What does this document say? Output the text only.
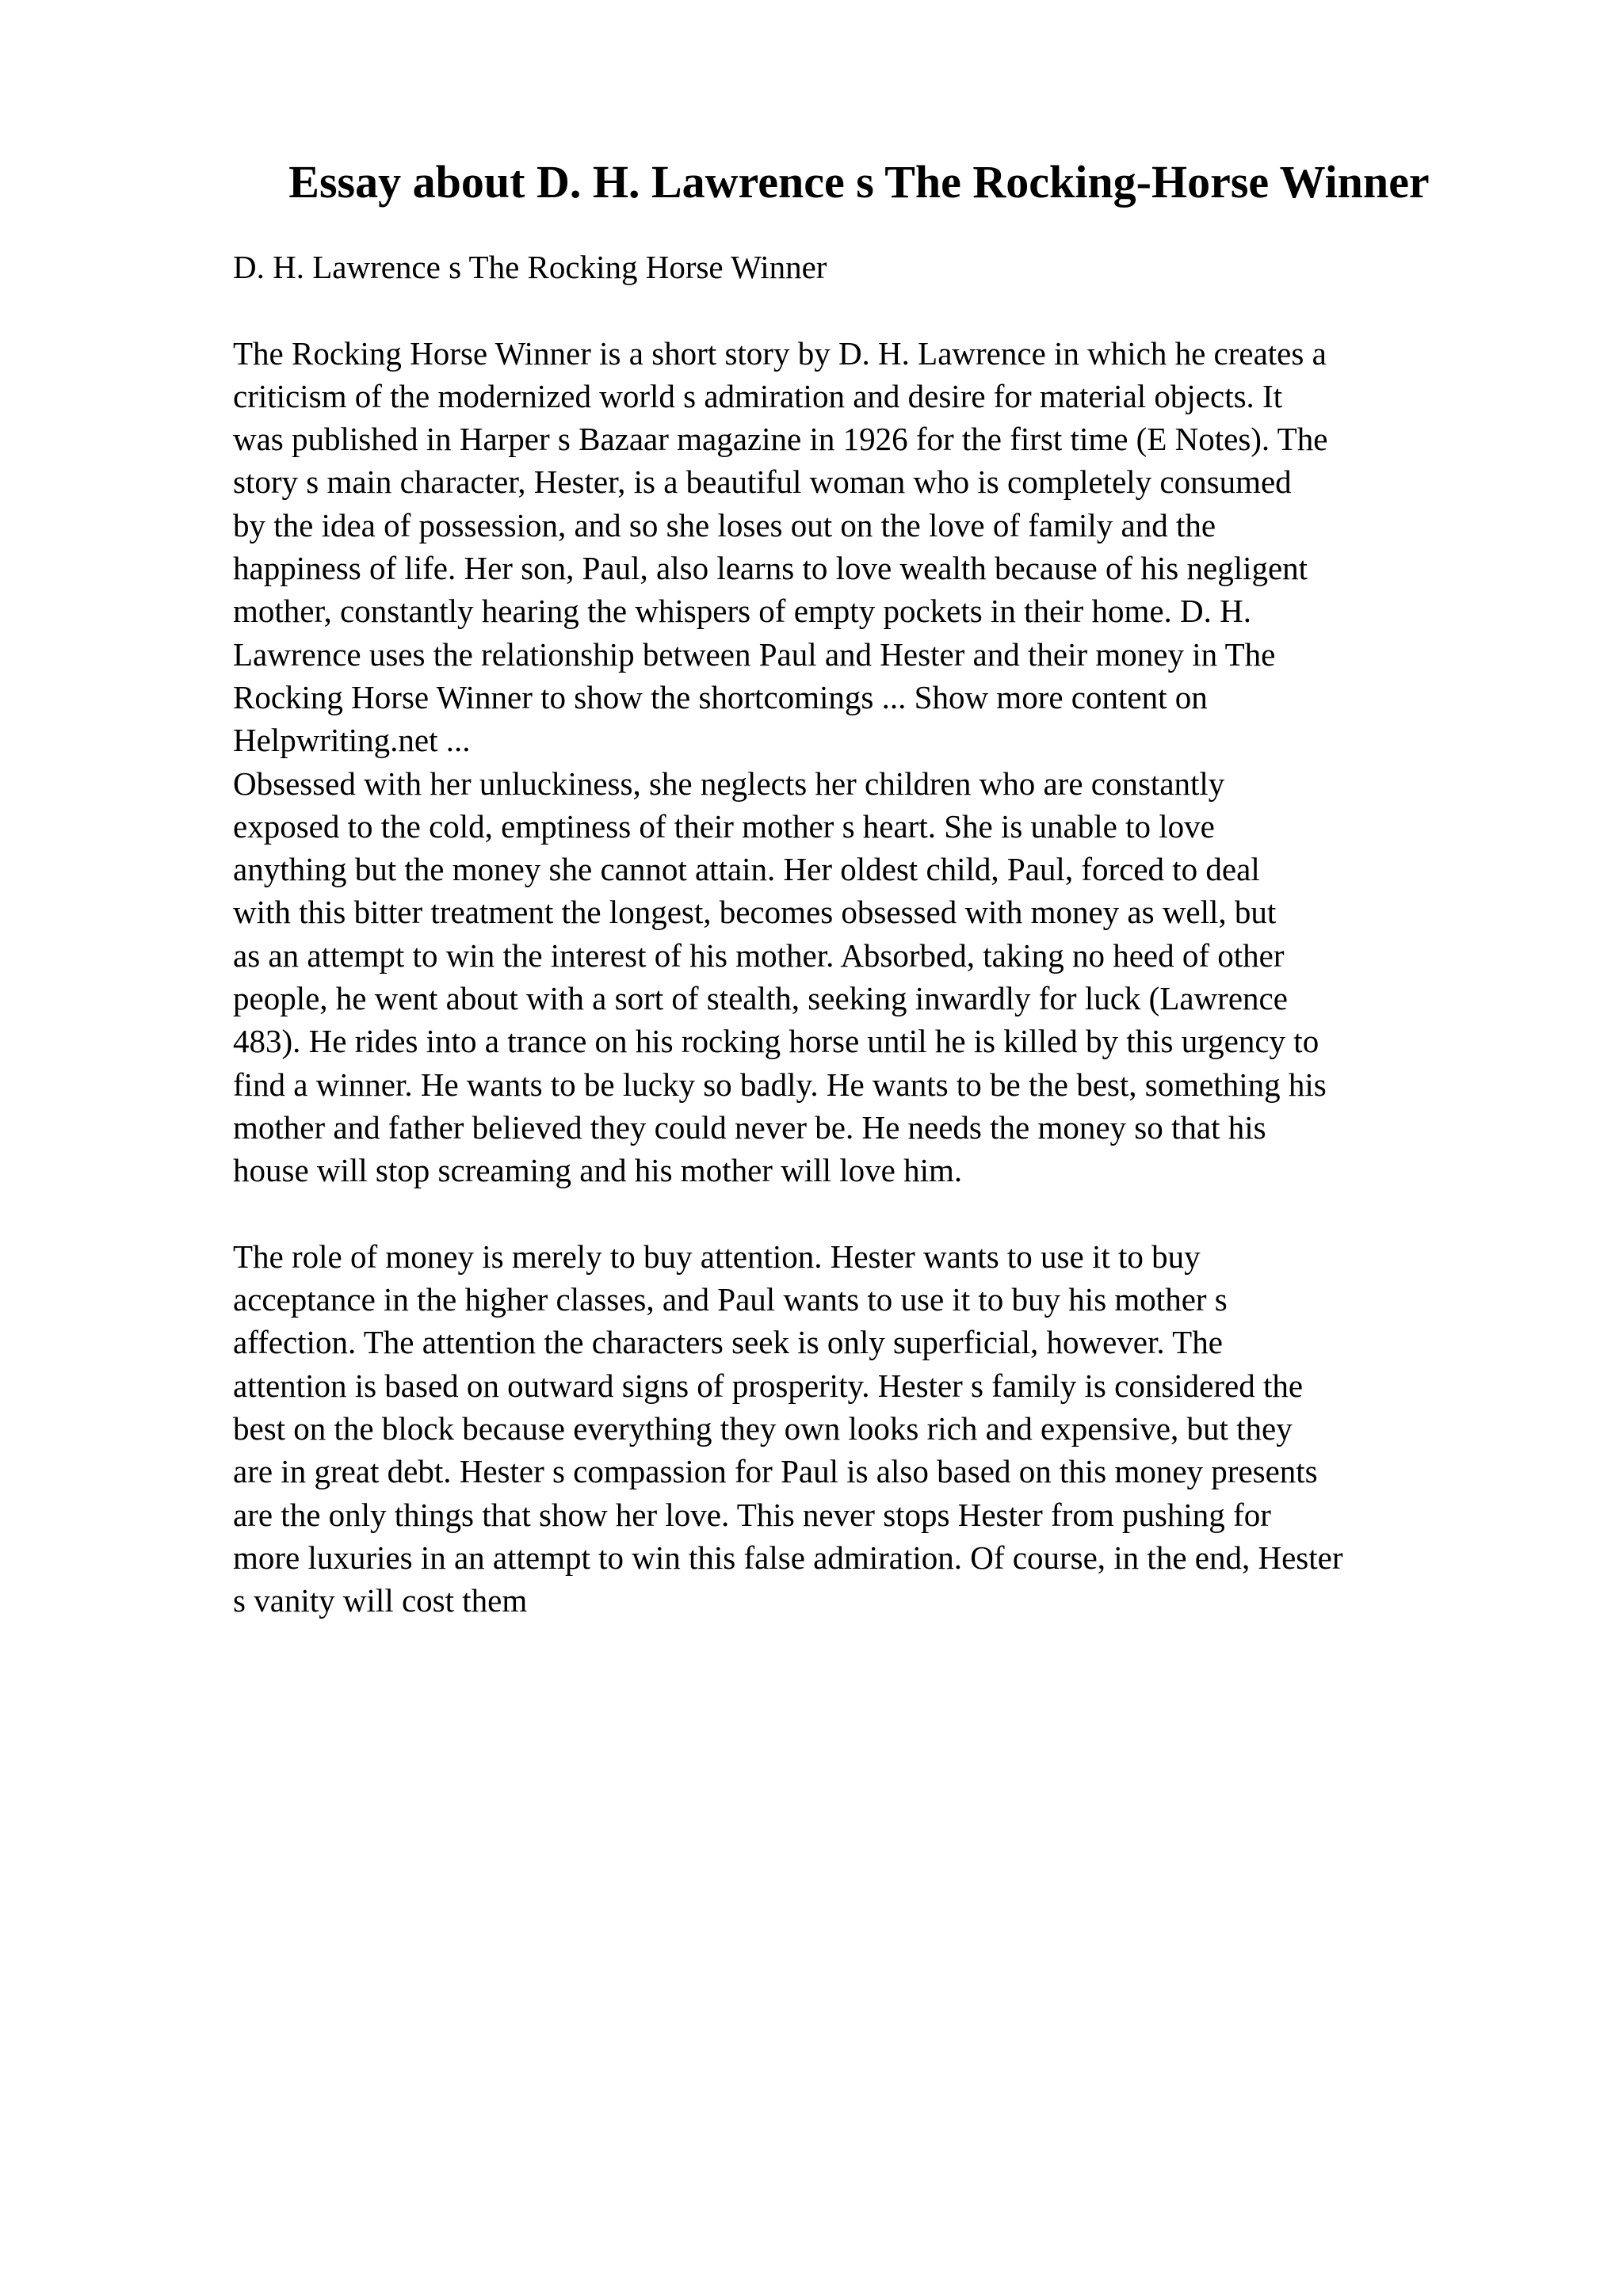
Essay about D. H. Lawrence s The Rocking-Horse Winner
D. H. Lawrence s The Rocking Horse Winner
The Rocking Horse Winner is a short story by D. H. Lawrence in which he creates a
criticism of the modernized world s admiration and desire for material objects. It
was published in Harper s Bazaar magazine in 1926 for the first time (E Notes). The
story s main character, Hester, is a beautiful woman who is completely consumed
by the idea of possession, and so she loses out on the love of family and the
happiness of life. Her son, Paul, also learns to love wealth because of his negligent
mother, constantly hearing the whispers of empty pockets in their home. D. H.
Lawrence uses the relationship between Paul and Hester and their money in The
Rocking Horse Winner to show the shortcomings ... Show more content on
Helpwriting.net ...
Obsessed with her unluckiness, she neglects her children who are constantly
exposed to the cold, emptiness of their mother s heart. She is unable to love
anything but the money she cannot attain. Her oldest child, Paul, forced to deal
with this bitter treatment the longest, becomes obsessed with money as well, but
as an attempt to win the interest of his mother. Absorbed, taking no heed of other
people, he went about with a sort of stealth, seeking inwardly for luck (Lawrence
483). He rides into a trance on his rocking horse until he is killed by this urgency to
find a winner. He wants to be lucky so badly. He wants to be the best, something his
mother and father believed they could never be. He needs the money so that his
house will stop screaming and his mother will love him.
The role of money is merely to buy attention. Hester wants to use it to buy
acceptance in the higher classes, and Paul wants to use it to buy his mother s
affection. The attention the characters seek is only superficial, however. The
attention is based on outward signs of prosperity. Hester s family is considered the
best on the block because everything they own looks rich and expensive, but they
are in great debt. Hester s compassion for Paul is also based on this money presents
are the only things that show her love. This never stops Hester from pushing for
more luxuries in an attempt to win this false admiration. Of course, in the end, Hester
s vanity will cost them
